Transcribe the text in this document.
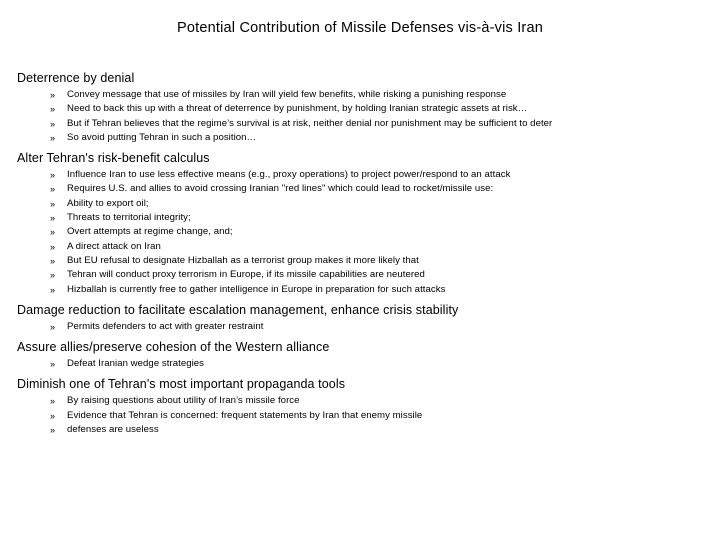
Potential Contribution of Missile Defenses vis-à-vis Iran
Deterrence by denial
» Convey message that use of missiles by Iran will yield few benefits, while risking a punishing response
» Need to back this up with a threat of deterrence by punishment, by holding Iranian strategic assets at risk…
» But if Tehran believes that the regime’s survival is at risk, neither denial nor punishment may be sufficient to deter
» So avoid putting Tehran in such a position…
Alter Tehran's risk-benefit calculus
» Influence Iran to use less effective means (e.g., proxy operations) to project power/respond to an attack
» Requires U.S. and allies to avoid crossing Iranian "red lines" which could lead to rocket/missile use:
» Ability to export oil;
» Threats to territorial integrity;
» Overt attempts at regime change, and;
» A direct attack on Iran
» But EU refusal to designate Hizballah as a terrorist group makes it more likely that
» Tehran will conduct proxy terrorism in Europe, if its missile capabilities are neutered
» Hizballah is currently free to gather intelligence in Europe in preparation for such attacks
Damage reduction to facilitate escalation management, enhance crisis stability
» Permits defenders to act with greater restraint
Assure allies/preserve cohesion of the Western alliance
» Defeat Iranian wedge strategies
Diminish one of Tehran's most important propaganda tools
» By raising questions about utility of Iran’s missile force
» Evidence that Tehran is concerned: frequent statements by Iran that enemy missile
» defenses are useless
